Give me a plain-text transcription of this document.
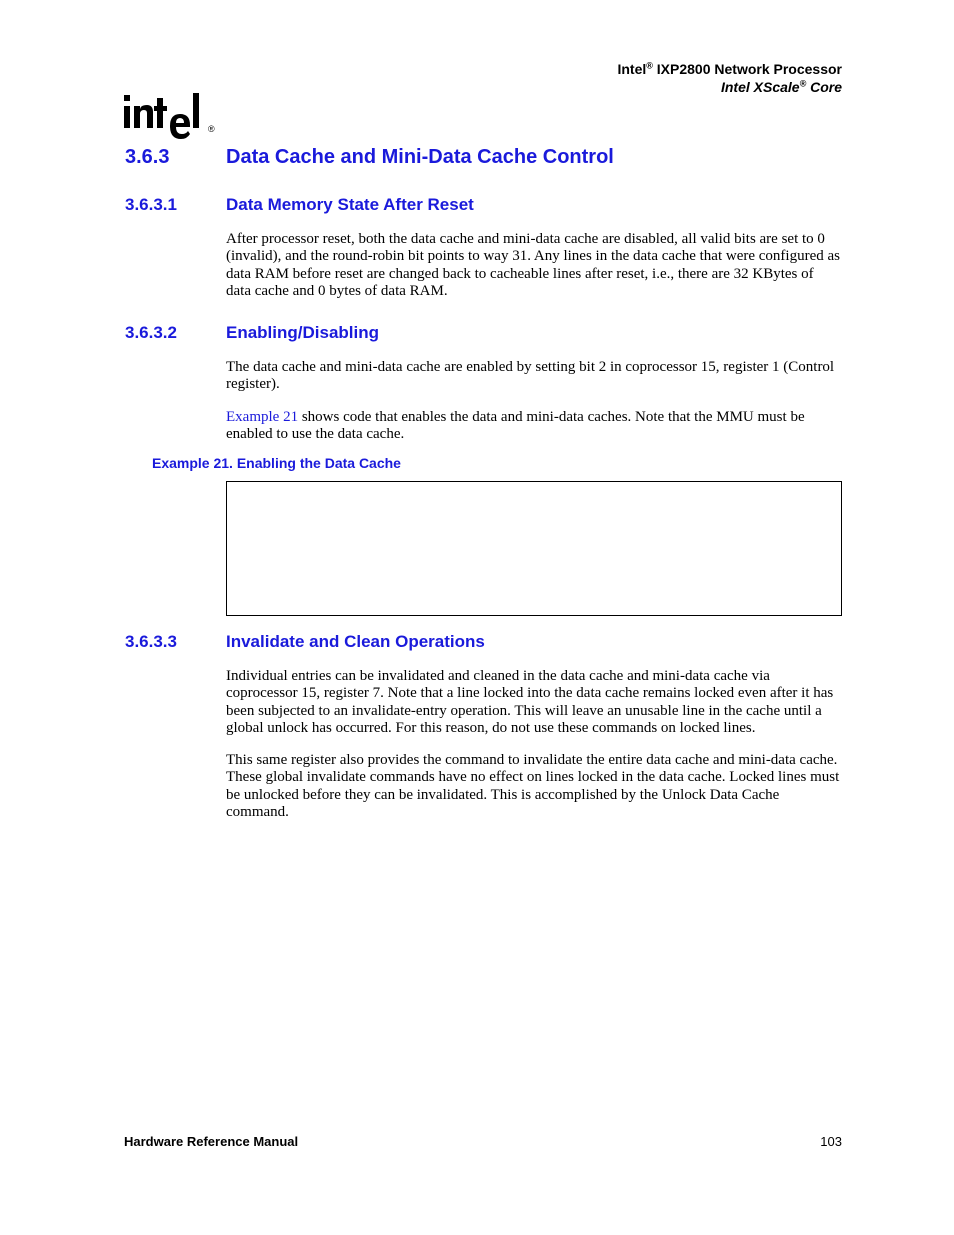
Intel® IXP2800 Network Processor
Intel XScale® Core
®
3.6.3	Data Cache and Mini-Data Cache Control
3.6.3.1	Data Memory State After Reset

After processor reset, both the data cache and mini-data cache are disabled, all valid bits are set to 0 (invalid), and the round-robin bit points to way 31. Any lines in the data cache that were configured as data RAM before reset are changed back to cacheable lines after reset, i.e., there are 32 KBytes of data cache and 0 bytes of data RAM.

3.6.3.2	Enabling/Disabling

The data cache and mini-data cache are enabled by setting bit 2 in coprocessor 15, register 1 (Control register).

Example 21 shows code that enables the data and mini-data caches. Note that the MMU must be enabled to use the data cache.

Example 21. Enabling the Data Cache
3.6.3.3	Invalidate and Clean Operations

Individual entries can be invalidated and cleaned in the data cache and mini-data cache via coprocessor 15, register 7. Note that a line locked into the data cache remains locked even after it has been subjected to an invalidate-entry operation. This will leave an unusable line in the cache until a global unlock has occurred. For this reason, do not use these commands on locked lines.

This same register also provides the command to invalidate the entire data cache and mini-data cache. These global invalidate commands have no effect on lines locked in the data cache. Locked lines must be unlocked before they can be invalidated. This is accomplished by the Unlock Data Cache command.

Hardware Reference Manual	103
